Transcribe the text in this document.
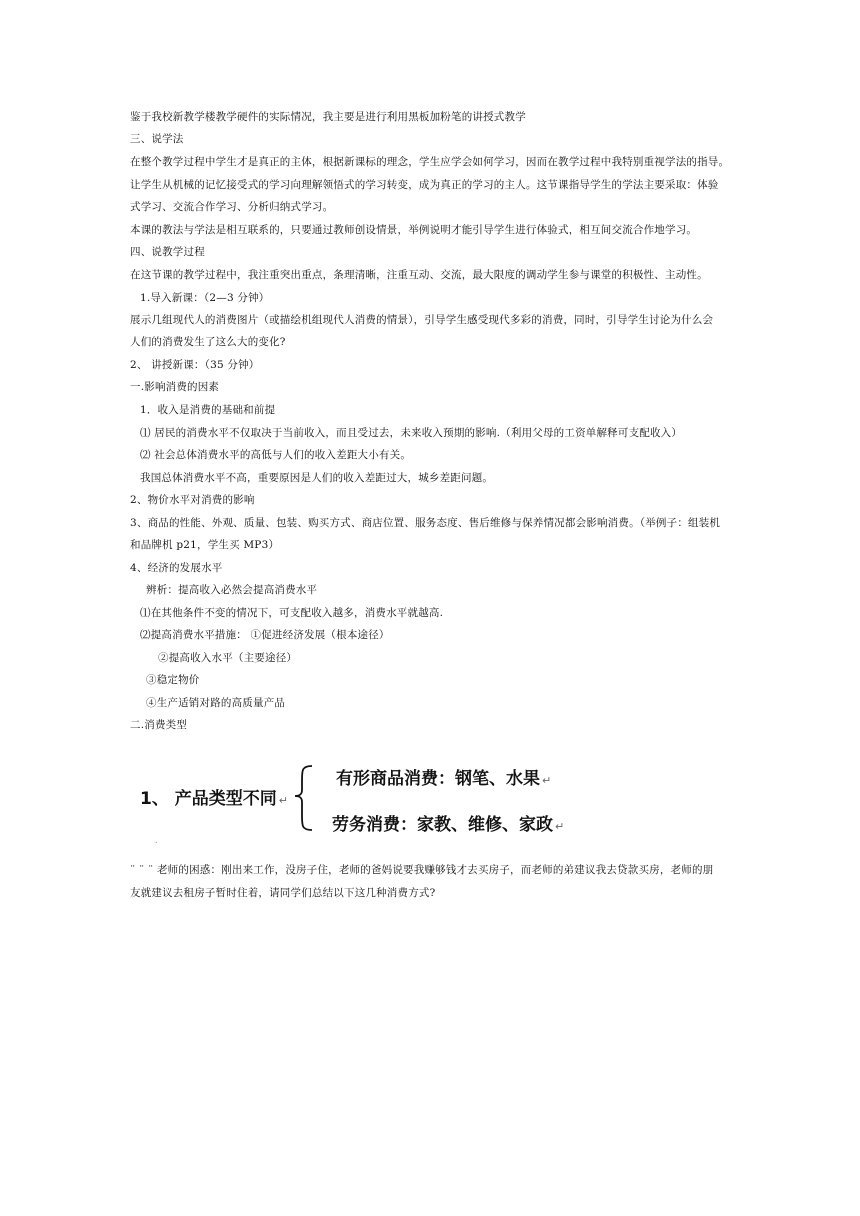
鉴于我校新教学楼教学硬件的实际情况，我主要是进行利用黑板加粉笔的讲授式教学
三、说学法
在整个教学过程中学生才是真正的主体，根据新课标的理念，学生应学会如何学习，因而在教学过程中我特别重视学法的指导。
让学生从机械的记忆接受式的学习向理解领悟式的学习转变，成为真正的学习的主人。这节课指导学生的学法主要采取：体验
式学习、交流合作学习、分析归纳式学习。
本课的教法与学法是相互联系的，只要通过教师创设情景，举例说明才能引导学生进行体验式，相互间交流合作地学习。
四、说教学过程
在这节课的教学过程中，我注重突出重点，条理清晰，注重互动、交流，最大限度的调动学生参与课堂的积极性、主动性。
1.导入新课：（2—3 分钟）
展示几组现代人的消费图片（或描绘机组现代人消费的情景），引导学生感受现代多彩的消费，同时，引导学生讨论为什么会
人们的消费发生了这么大的变化?
2、 讲授新课：（35 分钟）
一.影响消费的因素
1．收入是消费的基础和前提
⑴ 居民的消费水平不仅取决于当前收入，而且受过去，未来收入预期的影响.（利用父母的工资单解释可支配收入）
⑵ 社会总体消费水平的高低与人们的收入差距大小有关。
我国总体消费水平不高，重要原因是人们的收入差距过大，城乡差距问题。
2、物价水平对消费的影响
3、商品的性能、外观、质量、包装、购买方式、商店位置、服务态度、售后维修与保养情况都会影响消费。（举例子：组装机
和品牌机 p21，学生买 MP3）
4、经济的发展水平
辨析：提高收入必然会提高消费水平
⑴在其他条件不变的情况下，可支配收入越多，消费水平就越高.
⑵提高消费水平措施： ①促进经济发展（根本途径）
②提高收入水平（主要途径）
③稳定物价
④生产适销对路的高质量产品
二.消费类型
1、 产品类型不同 ↵
有形商品消费：钢笔、水果 ↵
劳务消费：家教、维修、家政 ↵
.
¨ ¨ ¨ 老师的困惑：刚出来工作，没房子住，老师的爸妈说要我赚够钱才去买房子，而老师的弟建议我去贷款买房，老师的朋
友就建议去租房子暂时住着，请同学们总结以下这几种消费方式?
